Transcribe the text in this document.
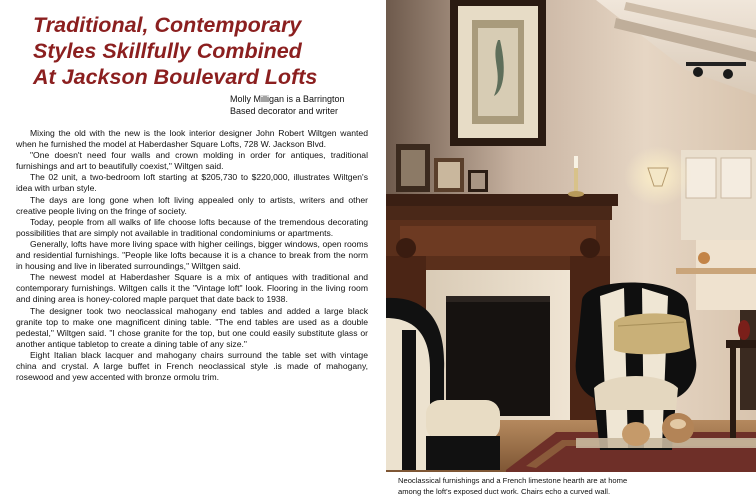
Traditional, Contemporary
Styles Skillfully Combined
At Jackson Boulevard Lofts
Molly Milligan is a Barrington
Based decorator and writer

Mixing the old with the new is the look interior designer John Robert Wiltgen wanted when he furnished the model at Haberdasher Square Lofts, 728 W. Jackson Blvd.

"One doesn't need four walls and crown molding in order for antiques, traditional furnishings and art to beautifully coexist," Wiltgen said.

The 02 unit, a two-bedroom loft starting at $205,730 to $220,000, illustrates Wiltgen's idea with urban style.

The days are long gone when loft living appealed only to artists, writers and other creative people living on the fringe of society.

Today, people from all walks of life choose lofts because of the tremendous decorating possibilities that are simply not available in traditional condominiums or apartments.

Generally, lofts have more living space with higher ceilings, bigger windows, open rooms and residential furnishings. "People like lofts because it is a chance to break from the norm in housing and live in liberated surroundings," Wiltgen said.

The newest model at Haberdasher Square is a mix of antiques with traditional and contemporary furnishings. Wiltgen calls it the "Vintage loft" look. Flooring in the living room and dining area is honey-colored maple parquet that date back to 1938.

The designer took two neoclassical mahogany end tables and added a large black granite top to make one magnificent dining table. "The end tables are used as a double pedestal," Wiltgen said. "I chose granite for the top, but one could easily substitute glass or another antique tabletop to create a dining table of any size."

Eight Italian black lacquer and mahogany chairs surround the table set with vintage china and crystal. A large buffet in French neoclassical style .is made of mahogany, rosewood and yew accented with bronze ormolu trim.

Neoclassical furnishings and a French limestone hearth are at home
among the loft's exposed duct work. Chairs echo a curved wall.
